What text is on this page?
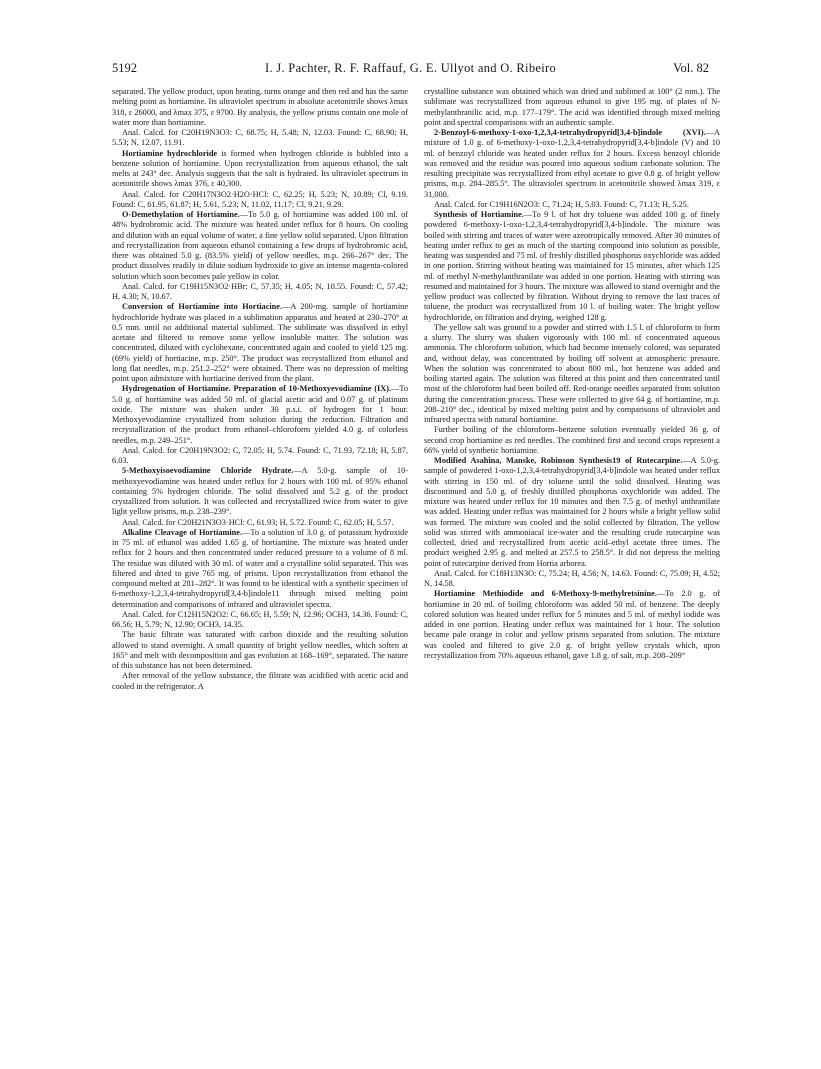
5192	I. J. Pachter, R. F. Raffauf, G. E. Ullyot and O. Ribeiro	Vol. 82

separated. The yellow product, upon heating, turns orange and then red and has the same melting point as hortiamine. Its ultraviolet spectrum in absolute acetonitrile shows λmax 318, ε 26000, and λmax 375, ε 9700. By analysis, the yellow prisms contain one mole of water more than hortiamine.

Anal. Calcd. for C20H19N3O3: C, 68.75; H, 5.48; N, 12.03. Found: C, 68.90; H, 5.53; N, 12.07, 11.91.

Hortiamine hydrochloride is formed when hydrogen chloride is bubbled into a benzene solution of hortiamine. Upon recrystallization from aqueous ethanol, the salt melts at 243° dec. Analysis suggests that the salt is hydrated. Its ultraviolet spectrum in acetonitrile shows λmax 376, ε 40,300.

Anal. Calcd. for C20H17N3O2·H2O·HCl: C, 62.25; H, 5.23; N, 10.89; Cl, 9.19. Found: C, 61.95, 61.87; H, 5.61, 5.23; N, 11.02, 11.17; Cl, 9.21, 9.29.

O-Demethylation of Hortiamine.—To 5.0 g. of hortiamine was added 100 ml. of 48% hydrobromic acid. The mixture was heated under reflux for 8 hours. On cooling and dilution with an equal volume of water, a fine yellow solid separated. Upon filtration and recrystallization from aqueous ethanol containing a few drops of hydrobromic acid, there was obtained 5.0 g. (83.5% yield) of yellow needles, m.p. 266–267° dec. The product dissolves readily in dilute sodium hydroxide to give an intense magenta-colored solution which soon becomes pale yellow in color.

Anal. Calcd. for C19H15N3O2·HBr: C, 57.35; H, 4.05; N, 10.55. Found: C, 57.42; H, 4.30; N, 10.67.

Conversion of Hortiamine into Hortiacine.—A 200-mg. sample of hortiamine hydrochloride hydrate was placed in a sublimation apparatus and heated at 230–270° at 0.5 mm. until no additional material sublimed. The sublimate was dissolved in ethyl acetate and filtered to remove some yellow insoluble matter. The solution was concentrated, diluted with cyclohexane, concentrated again and cooled to yield 125 mg. (69% yield) of hortiacine, m.p. 250°. The product was recrystallized from ethanol and long flat needles, m.p. 251.2–252° were obtained. There was no depression of melting point upon admixture with hortiacine derived from the plant.

Hydrogenation of Hortiamine. Preparation of 10-Methoxyevodiamine (IX).—To 5.0 g. of hortiamine was added 50 ml. of glacial acetic acid and 0.07 g. of platinum oxide. The mixture was shaken under 30 p.s.i. of hydrogen for 1 hour. Methoxyevodiamine crystallized from solution during the reduction. Filtration and recrystallization of the product from ethanol–chloroform yielded 4.0 g. of colorless needles, m.p. 249–251°.

Anal. Calcd. for C20H19N3O2: C, 72.05; H, 5.74. Found: C, 71.93, 72.18; H, 5.87, 6.03.

5-Methoxyisoevodiamine Chloride Hydrate.—A 5.0-g. sample of 10-methoxyevodiamine was heated under reflux for 2 hours with 100 ml. of 95% ethanol containing 5% hydrogen chloride. The solid dissolved and 5.2 g. of the product crystallized from solution. It was collected and recrystallized twice from water to give light yellow prisms, m.p. 238–239°.

Anal. Calcd. for C20H21N3O3·HCl: C, 61.93; H, 5.72. Found: C, 62.05; H, 5.57.

Alkaline Cleavage of Hortiamine.—To a solution of 3.0 g. of potassium hydroxide in 75 ml. of ethanol was added 1.65 g. of hortiamine. The mixture was heated under reflux for 2 hours and then concentrated under reduced pressure to a volume of 8 ml. The residue was diluted with 30 ml. of water and a crystalline solid separated. This was filtered and dried to give 765 mg. of prisms. Upon recrystallization from ethanol the compound melted at 281–282°. It was found to be identical with a synthetic specimen of 6-methoxy-1,2,3,4-tetrahydropyrid[3,4-b]indole11 through mixed melting point determination and comparisons of infrared and ultraviolet spectra.

Anal. Calcd. for C12H15N2O2: C, 66.65; H, 5.59; N, 12.96; OCH3, 14.36. Found: C, 66.56; H, 5.79; N, 12.90; OCH3, 14.35.

The basic filtrate was saturated with carbon dioxide and the resulting solution allowed to stand overnight. A small quantity of bright yellow needles, which soften at 165° and melt with decomposition and gas evolution at 168–169°, separated. The nature of this substance has not been determined.

After removal of the yellow substance, the filtrate was acidified with acetic acid and cooled in the refrigerator. A

crystalline substance was obtained which was dried and sublimed at 100° (2 mm.). The sublimate was recrystallized from aqueous ethanol to give 195 mg. of plates of N-methylanthranilic acid, m.p. 177–179°. The acid was identified through mixed melting point and spectral comparisons with an authentic sample.

2-Benzoyl-6-methoxy-1-oxo-1,2,3,4-tetrahydropyrid[3,4-b]indole (XVI).—A mixture of 1.0 g. of 6-methoxy-1-oxo-1,2,3,4-tetrahydropyrid[3,4-b]indole (V) and 10 ml. of benzoyl chloride was heated under reflux for 2 hours. Excess benzoyl chloride was removed and the residue was poured into aqueous sodium carbonate solution. The resulting precipitate was recrystallized from ethyl acetate to give 0.8 g. of bright yellow prisms, m.p. 284–285.5°. The ultraviolet spectrum in acetonitrile showed λmax 319, ε 31,000.

Anal. Calcd. for C19H16N2O3: C, 71.24; H, 5.03. Found: C, 71.13; H, 5.25.

Synthesis of Hortiamine.—To 9 l. of hot dry toluene was added 100 g. of finely powdered 6-methoxy-1-oxo-1,2,3,4-tetrahydropyrid[3,4-b]indole. The mixture was boiled with stirring and traces of water were azeotropically removed. After 30 minutes of heating under reflux to get as much of the starting compound into solution as possible, heating was suspended and 75 ml. of freshly distilled phosphorus oxychloride was added in one portion. Stirring without heating was maintained for 15 minutes, after which 125 ml. of methyl N-methylanthranilate was added in one portion. Heating with stirring was resumed and maintained for 3 hours. The mixture was allowed to stand overnight and the yellow product was collected by filtration. Without drying to remove the last traces of toluene, the product was recrystallized from 10 l. of boiling water. The bright yellow hydrochloride, on filtration and drying, weighed 128 g.

The yellow salt was ground to a powder and stirred with 1.5 l. of chloroform to form a slurry. The slurry was shaken vigorously with 100 ml. of concentrated aqueous ammonia. The chloroform solution, which had become intensely colored, was separated and, without delay, was concentrated by boiling off solvent at atmospheric pressure. When the solution was concentrated to about 800 ml., hot benzene was added and boiling started again. The solution was filtered at this point and then concentrated until most of the chloroform had been boiled off. Red-orange needles separated from solution during the concentration process. These were collected to give 64 g. of hortiamine, m.p. 208–210° dec., identical by mixed melting point and by comparisons of ultraviolet and infrared spectra with natural hortiamine.

Further boiling of the chloroform–benzene solution eventually yielded 36 g. of second crop hortiamine as red needles. The combined first and second crops represent a 66% yield of synthetic hortiamine.

Modified Asahina, Manske, Robinson Synthesis19 of Rutecarpine.—A 5.0-g. sample of powdered 1-oxo-1,2,3,4-tetrahydropyrid[3,4-b]indole was heated under reflux with stirring in 150 ml. of dry toluene until the solid dissolved. Heating was discontinued and 5.0 g. of freshly distilled phosphorus oxychloride was added. The mixture was heated under reflux for 10 minutes and then 7.5 g. of methyl anthranilate was added. Heating under reflux was maintained for 2 hours while a bright yellow solid was formed. The mixture was cooled and the solid collected by filtration. The yellow solid was stirred with ammoniacal ice-water and the resulting crude rutecarpine was collected, dried and recrystallized from acetic acid–ethyl acetate three times. The product weighed 2.95 g. and melted at 257.5 to 258.5°. It did not depress the melting point of rutecarpine derived from Hortia arborea.

Anal. Calcd. for C18H13N3O: C, 75.24; H, 4.56; N, 14.63. Found: C, 75.09; H, 4.52; N, 14.58.

Hortiamine Methiodide and 6-Methoxy-9-methylretsinine.—To 2.0 g. of hortiamine in 20 ml. of boiling chloroform was added 50 ml. of benzene. The deeply colored solution was heated under reflux for 5 minutes and 5 ml. of methyl iodide was added in one portion. Heating under reflux was maintained for 1 hour. The solution became pale orange in color and yellow prisms separated from solution. The mixture was cooled and filtered to give 2.0 g. of bright yellow crystals which, upon recrystallization from 70% aqueous ethanol, gave 1.8 g. of salt, m.p. 208–209°
